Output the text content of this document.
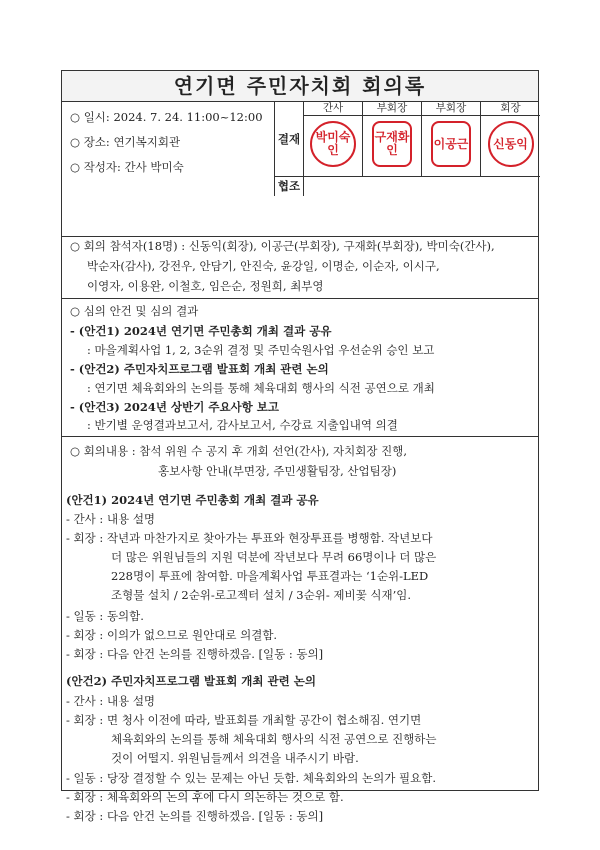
연기면 주민자치회 회의록
○ 일시: 2024. 7. 24. 11:00~12:00
○ 장소: 연기복지회관
○ 작성자: 간사 박미숙
결재
간사
박미숙인
부회장
구재화인
부회장
이공근
회장
신동익
협조
○ 회의 참석자(18명) : 신동익(회장), 이공근(부회장), 구재화(부회장), 박미숙(간사),
박순자(감사), 강전우, 안담기, 안진숙, 윤강일, 이명순, 이순자, 이시구,
이영자, 이용완, 이철호, 임은순, 정원희, 최부영
○ 심의 안건 및 심의 결과
- (안건1) 2024년 연기면 주민총회 개최 결과 공유
: 마을계획사업 1, 2, 3순위 결정 및 주민숙원사업 우선순위 승인 보고
- (안건2) 주민자치프로그램 발표회 개최 관련 논의
: 연기면 체육회와의 논의를 통해 체육대회 행사의 식전 공연으로 개최
- (안건3) 2024년 상반기 주요사항 보고
: 반기별 운영결과보고서, 감사보고서, 수강료 지출입내역 의결
○ 회의내용 : 참석 위원 수 공지 후 개회 선언(간사), 자치회장 진행,
홍보사항 안내(부면장, 주민생활팀장, 산업팀장)
(안건1) 2024년 연기면 주민총회 개최 결과 공유
- 간사 : 내용 설명
- 회장 : 작년과 마찬가지로 찾아가는 투표와 현장투표를 병행함. 작년보다
더 많은 위원님들의 지원 덕분에 작년보다 무려 66명이나 더 많은
228명이 투표에 참여함. 마을계획사업 투표결과는 ‘1순위-LED
조형물 설치 / 2순위-로고젝터 설치 / 3순위- 제비꽃 식재’임.
- 일동 : 동의함.
- 회장 : 이의가 없으므로 원안대로 의결함.
- 회장 : 다음 안건 논의를 진행하겠음. [일동 : 동의]
(안건2) 주민자치프로그램 발표회 개최 관련 논의
- 간사 : 내용 설명
- 회장 : 면 청사 이전에 따라, 발표회를 개최할 공간이 협소해짐. 연기면
체육회와의 논의를 통해 체육대회 행사의 식전 공연으로 진행하는
것이 어떨지. 위원님들께서 의견을 내주시기 바람.
- 일동 : 당장 결정할 수 있는 문제는 아닌 듯함. 체육회와의 논의가 필요함.
- 회장 : 체육회와의 논의 후에 다시 의논하는 것으로 함.
- 회장 : 다음 안건 논의를 진행하겠음. [일동 : 동의]
